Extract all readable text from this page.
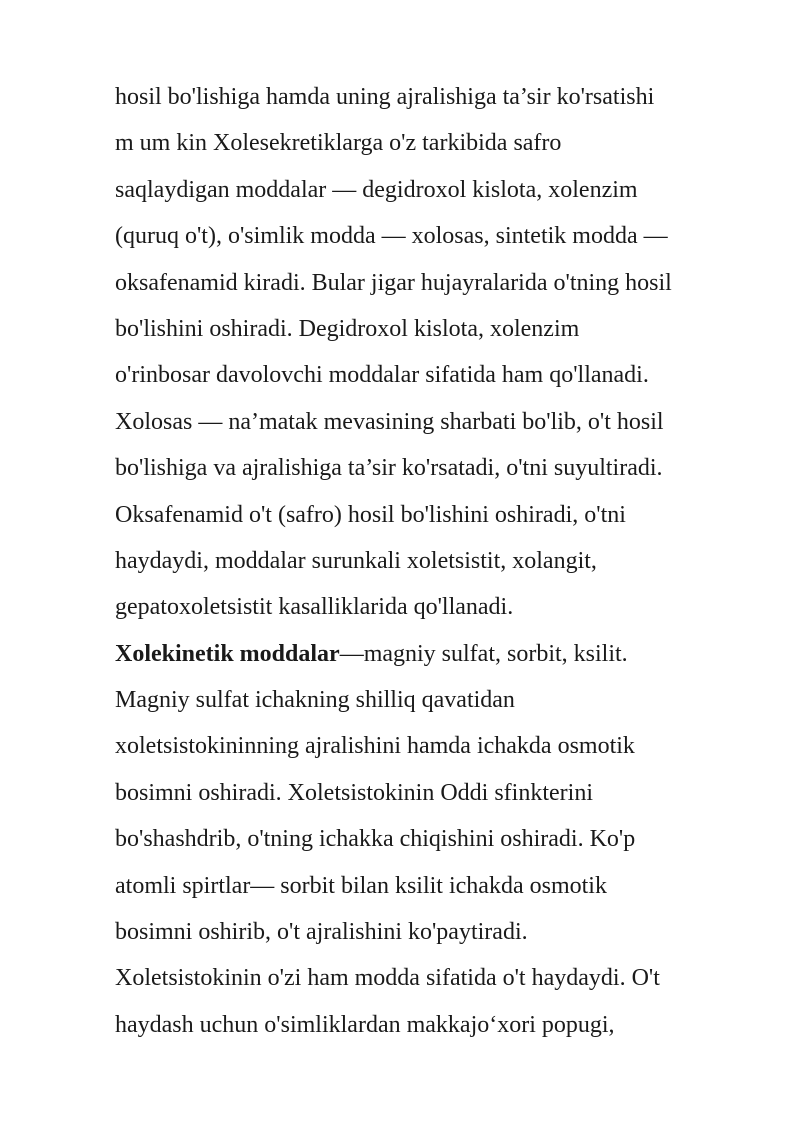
hosil bo'lishiga hamda uning ajralishiga ta’sir ko'rsatishi
m um kin Xolesekretiklarga o'z tarkibida safro
saqlaydigan moddalar — degidroxol kislota, xolenzim
(quruq o't), o'simlik modda — xolosas, sintetik modda —
oksafenamid kiradi. Bular jigar hujayralarida o'tning hosil
bo'lishini oshiradi. Degidroxol kislota, xolenzim
o'rinbosar davolovchi moddalar sifatida ham qo'llanadi.
Xolosas — na’matak mevasining sharbati bo'lib, o't hosil
bo'lishiga va ajralishiga ta’sir ko'rsatadi, o'tni suyultiradi.
Oksafenamid o't (safro) hosil bo'lishini oshiradi, o'tni
haydaydi, moddalar surunkali xoletsistit, xolangit,
gepatoxoletsistit kasalliklarida qo'llanadi.
Xolekinetik moddalar—magniy sulfat, sorbit, ksilit.
Magniy sulfat ichakning shilliq qavatidan
xoletsistokininning ajralishini hamda ichakda osmotik
bosimni oshiradi. Xoletsistokinin Oddi sfinkterini
bo'shashdrib, o'tning ichakka chiqishini oshiradi. Ko'p
atomli spirtlar— sorbit bilan ksilit ichakda osmotik
bosimni oshirib, o't ajralishini ko'paytiradi.
Xoletsistokinin o'zi ham modda sifatida o't haydaydi. O't
haydash uchun o'simliklardan makkajo‘xori popugi,
